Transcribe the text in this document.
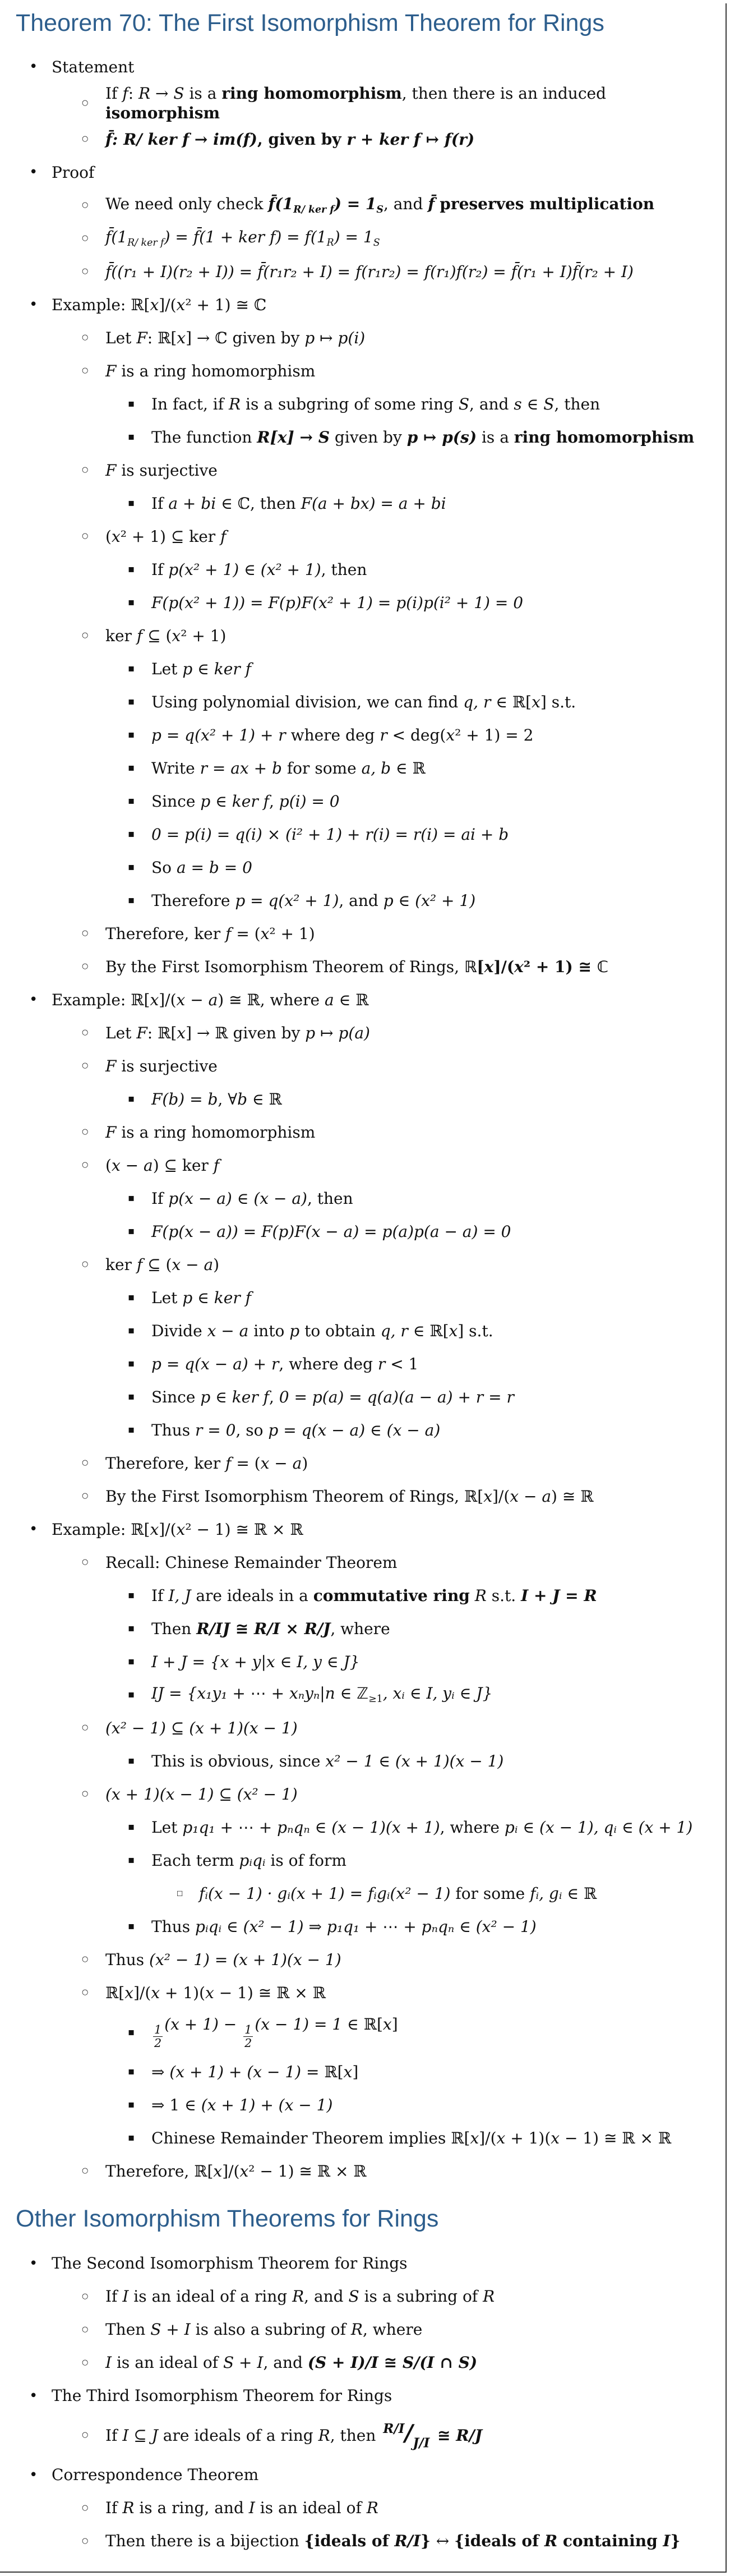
Theorem 70: The First Isomorphism Theorem for Rings
• Statement
○
If f: R → S is a ring homomorphism, then there is an induced isomorphism
○ f̄: R/ ker f → im(f), given by r + ker f ↦ f(r)
• Proof
○ We need only check $f̄(1_{R/ ker f}) = 1_S$, and f̄ preserves multiplication
○ $f̄(1_{R/ ker f})$ = f̄(1 + ker $f) = f(1_R) = 1_S$
○ f̄((r₁ + I)(r₂ + I)) = f̄(r₁r₂ + I) = f(r₁r₂) = f(r₁)f(r₂) = f̄(r₁ + I)f̄(r₂ + I)
• Example: ℝ[x]/(x² + 1) ≅ ℂ
○ Let F: ℝ[x] → ℂ given by p ↦ p(i)
○ F is a ring homomorphism
▪ In fact, if R is a subgring of some ring S, and s ∈ S, then
▪ The function R[x] → S given by p ↦ p(s) is a ring homomorphism
○ F is surjective
▪ If a + bi ∈ ℂ, then F(a + bx) = a + bi
○ (x² + 1) ⊆ ker f
▪ If p(x² + 1) ∈ (x² + 1), then
▪ F(p(x² + 1)) = F(p)F(x² + 1) = p(i)p(i² + 1) = 0
○ ker f ⊆ (x² + 1)
▪ Let p ∈ ker f
▪ Using polynomial division, we can find q, r ∈ ℝ[x] s.t.
▪ p = q(x² + 1) + r where deg r < deg(x² + 1) = 2
▪ Write r = ax + b for some a, b ∈ ℝ
▪ Since p ∈ ker f, p(i) = 0
▪ 0 = p(i) = q(i) × (i² + 1) + r(i) = r(i) = ai + b
▪ So a = b = 0
▪ Therefore p = q(x² + 1), and p ∈ (x² + 1)
○ Therefore, ker f = (x² + 1)
○ By the First Isomorphism Theorem of Rings, ℝ[x]/(x² + 1) ≅ ℂ
• Example: ℝ[x]/(x − a) ≅ ℝ, where a ∈ ℝ
○ Let F: ℝ[x] → ℝ given by p ↦ p(a)
○ F is surjective
▪ F(b) = b, ∀b ∈ ℝ
○ F is a ring homomorphism
○ (x − a) ⊆ ker f
▪ If p(x − a) ∈ (x − a), then
▪ F(p(x − a)) = F(p)F(x − a) = p(a)p(a − a) = 0
○ ker f ⊆ (x − a)
▪ Let p ∈ ker f
▪ Divide x − a into p to obtain q, r ∈ ℝ[x] s.t.
▪ p = q(x − a) + r, where deg r < 1
▪ Since p ∈ ker f, 0 = p(a) = q(a)(a − a) + r = r
▪ Thus r = 0, so p = q(x − a) ∈ (x − a)
○ Therefore, ker f = (x − a)
○ By the First Isomorphism Theorem of Rings, ℝ[x]/(x − a) ≅ ℝ
• Example: ℝ[x]/(x² − 1) ≅ ℝ × ℝ
○ Recall: Chinese Remainder Theorem
▪ If I, J are ideals in a commutative ring R s.t. I + J = R
▪ Then R/IJ ≅ R/I × R/J, where
▪ I + J = {x + y|x ∈ I, y ∈ J}
▪ IJ = {x₁y₁ + ⋯ + xₙyₙ|n ∈ ℤ$_{\ge 1}$, xᵢ ∈ I, yᵢ ∈ J}
○ (x² − 1) ⊆ (x + 1)(x − 1)
▪ This is obvious, since x² − 1 ∈ (x + 1)(x − 1)
○ (x + 1)(x − 1) ⊆ (x² − 1)
▪ Let p₁q₁ + ⋯ + pₙqₙ ∈ (x − 1)(x + 1), where pᵢ ∈ (x − 1), qᵢ ∈ (x + 1)
▪ Each term pᵢqᵢ is of form
□ fᵢ(x − 1) · gᵢ(x + 1) = fᵢgᵢ(x² − 1) for some fᵢ, gᵢ ∈ ℝ
▪ Thus pᵢqᵢ ∈ (x² − 1) ⇒ p₁q₁ + ⋯ + pₙqₙ ∈ (x² − 1)
○ Thus (x² − 1) = (x + 1)(x − 1)
○ ℝ[x]/(x + 1)(x − 1) ≅ ℝ × ℝ
▪ $\frac{1}{2} (x + 1) - \frac{1}{2} (x - 1) = 1$ ∈ ℝ[x]
▪ ⇒ (x + 1) + (x − 1) = ℝ[x]
▪ ⇒ 1 ∈ (x + 1) + (x − 1)
▪ Chinese Remainder Theorem implies ℝ[x]/(x + 1)(x − 1) ≅ ℝ × ℝ
○ Therefore, ℝ[x]/(x² − 1) ≅ ℝ × ℝ
Other Isomorphism Theorems for Rings
• The Second Isomorphism Theorem for Rings
○ If I is an ideal of a ring R, and S is a subring of R
○ Then S + I is also a subring of R, where
○ I is an ideal of S + I, and (S + I)/I ≅ S/(I ∩ S)
• The Third Isomorphism Theorem for Rings
○ If I ⊆ J are ideals of a ring R, then $^{R/I}/_{J/I}$ ≅ R/J
• Correspondence Theorem
○ If R is a ring, and I is an ideal of R
○ Then there is a bijection {ideals of R/I} ↔ {ideals of R containing I}
